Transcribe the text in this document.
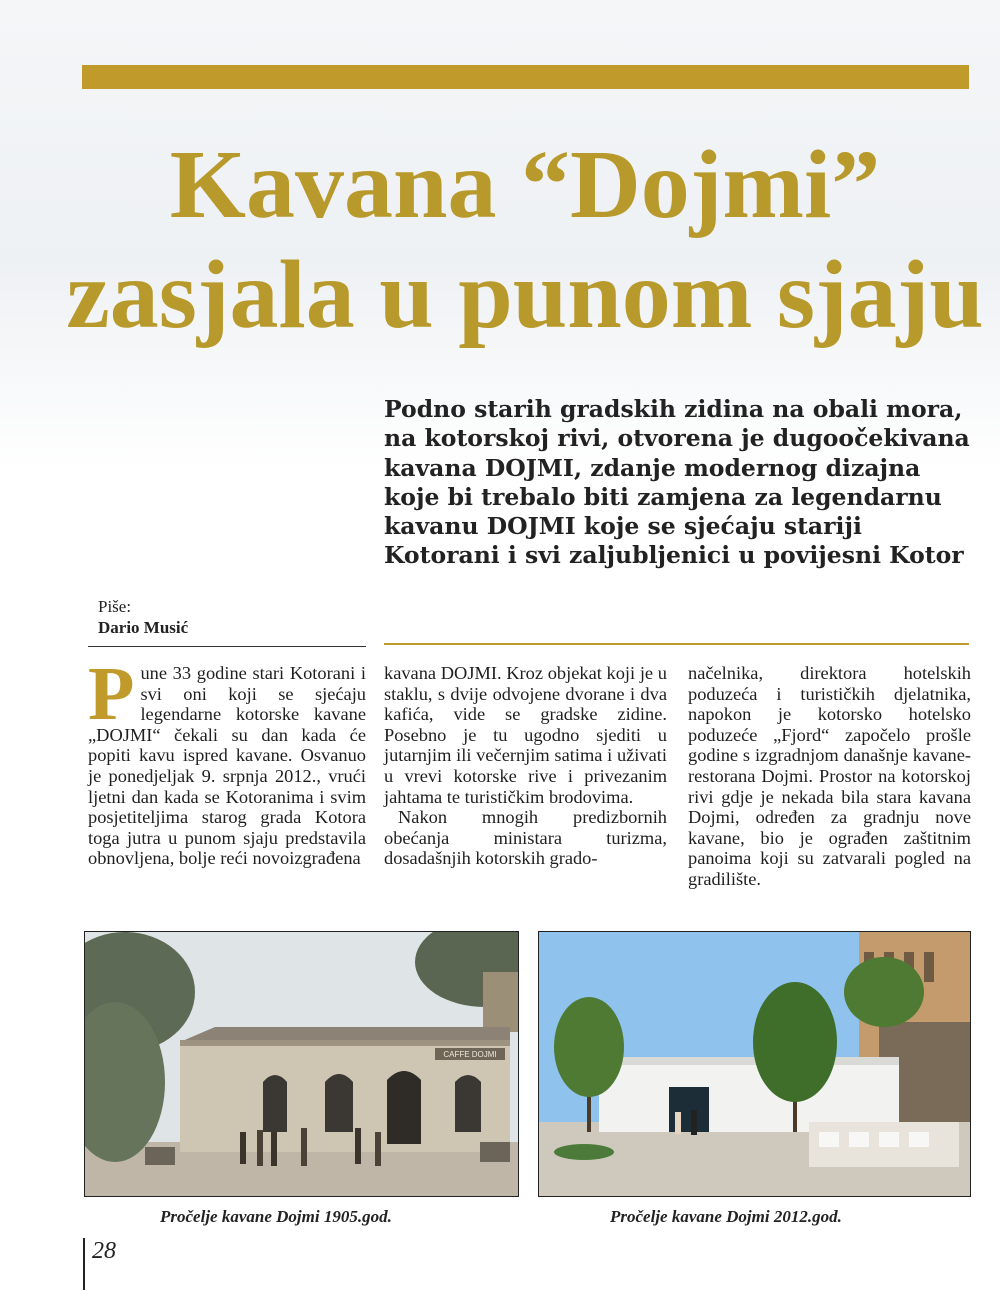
Kavana “Dojmi”
zasjala u punom sjaju

Podno starih gradskih zidina na obali mora, na kotorskoj rivi, otvorena je dugoočekivana kavana DOJMI, zdanje modernog dizajna koje bi trebalo biti zamjena za legendarnu kavanu DOJMI koje se sjećaju stariji Kotorani i svi zaljubljenici u povijesni Kotor

Piše:
Dario Musić
P une 33 godine stari Kotorani i svi oni koji se sjećaju legendarne kotorske kavane „DOJMI“ čekali su dan kada će popiti kavu ispred kavane. Osvanuo je ponedjeljak 9. srpnja 2012., vrući ljetni dan kada se Kotoranima i svim posjetiteljima starog grada Kotora toga jutra u punom sjaju predstavila obnovljena, bolje reći novoizgrađena

kavana DOJMI. Kroz objekat koji je u staklu, s dvije odvojene dvorane i dva kafića, vide se gradske zidine. Posebno je tu ugodno sjediti u jutarnjim ili večernjim satima i uživati u vrevi kotorske rive i privezanim jahtama te turističkim brodovima.

Nakon mnogih predizbornih obećanja ministara turizma, dosadašnjih kotorskih grado-

načelnika, direktora hotelskih poduzeća i turističkih djelatnika, napokon je kotorsko hotelsko poduzeće „Fjord“ započelo prošle godine s izgradnjom današnje kavane-restorana Dojmi. Prostor na kotorskoj rivi gdje je nekada bila stara kavana Dojmi, određen za gradnju nove kavane, bio je ograđen zaštitnim panoima koji su zatvarali pogled na gradilište.

CAFFE DOJMI
Pročelje kavane Dojmi 1905.god.	Pročelje kavane Dojmi 2012.god.
28
